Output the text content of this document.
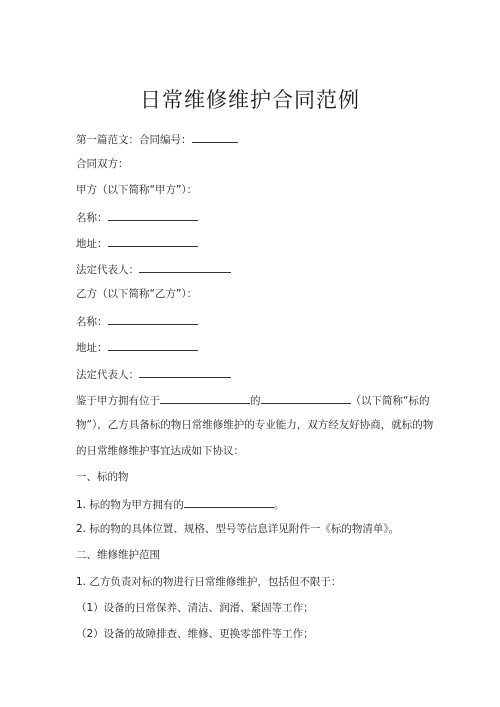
日常维修维护合同范例
第一篇范文：合同编号：
合同双方：
甲方（以下简称“甲方”）：
名称：
地址：
法定代表人：
乙方（以下简称“乙方”）：
名称：
地址：
法定代表人：
鉴于甲方拥有位于	的	（以下简称“标的
物”），乙方具备标的物日常维修维护的专业能力，双方经友好协商，就标的物
的日常维修维护事宜达成如下协议：
一、标的物
1. 标的物为甲方拥有的	。
2. 标的物的具体位置、规格、型号等信息详见附件一《标的物清单》。
二、维修维护范围
1. 乙方负责对标的物进行日常维修维护，包括但不限于：
（1）设备的日常保养、清洁、润滑、紧固等工作；
（2）设备的故障排查、维修、更换零部件等工作；
